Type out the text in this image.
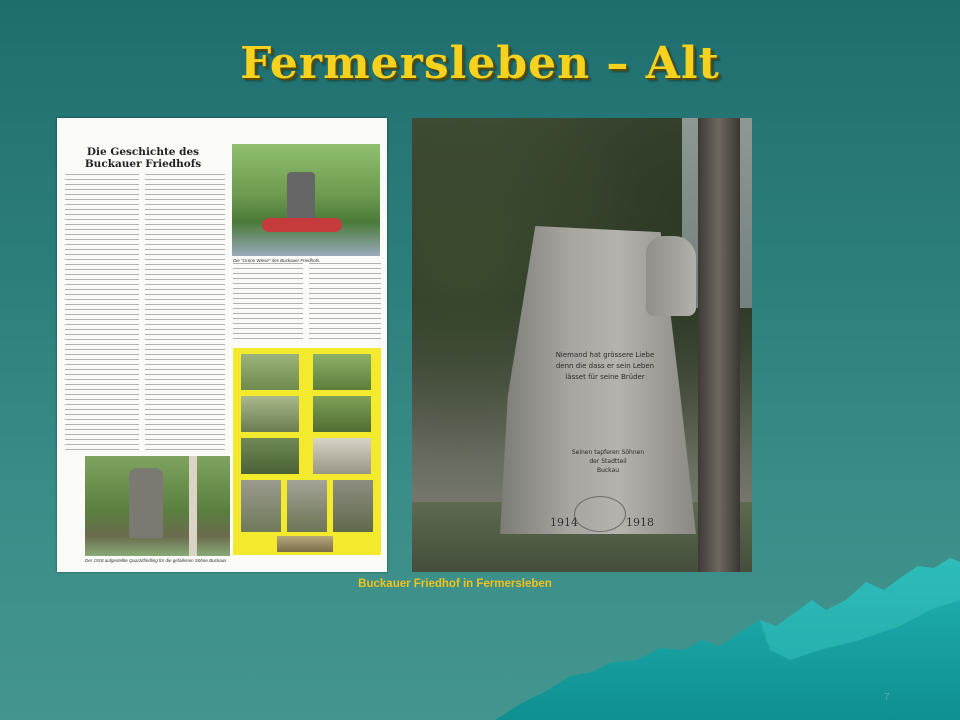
Fermersleben – Alt
Die Geschichte des
Buckauer Friedhofs
Die "Grüne Wiese" des Buckauer Friedhofs.
Der 1918 aufgestellte Quarzitfindling für die gefallenen Söhne Buckaus
Niemand hat grössere Liebe
denn die dass er sein Leben
lässet für seine Brüder
Seinen tapferen Söhnen
der Stadtteil
Buckau
1914	1918
Buckauer Friedhof in Fermersleben
7
